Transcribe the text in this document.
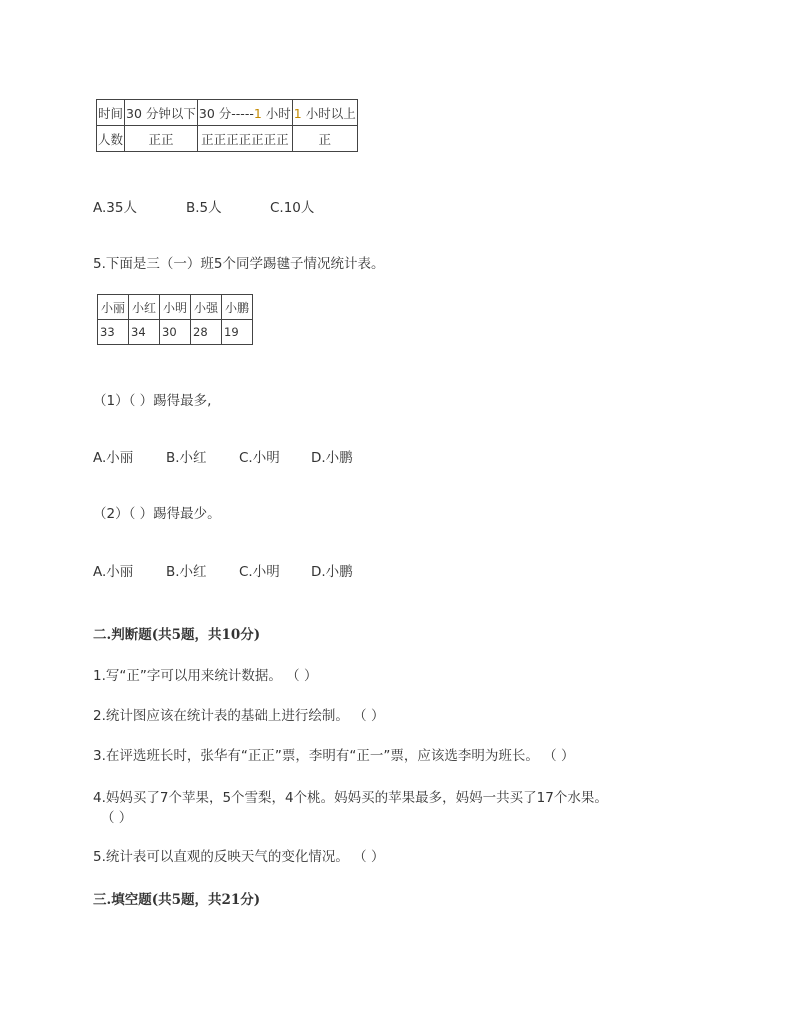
时间	30 分钟以下	30 分-----1 小时	1 小时以上
人数	正正	正正正正正正正	正
A.35人	B.5人	C.10人
5.下面是三（一）班5个同学踢毽子情况统计表。
小丽	小红	小明	小强	小鹏
33	34	30	28	19
（1）（ ）踢得最多,
A.小丽 B.小红 C.小明 D.小鹏
（2）（ ）踢得最少。
A.小丽 B.小红 C.小明 D.小鹏
二.判断题(共5题，共10分)
1.写“正”字可以用来统计数据。 （ ）
2.统计图应该在统计表的基础上进行绘制。 （ ）
3.在评选班长时，张华有“正正”票，李明有“正一”票，应该选李明为班长。 （ ）
4.妈妈买了7个苹果，5个雪梨，4个桃。妈妈买的苹果最多，妈妈一共买了17个水果。
（ ）
5.统计表可以直观的反映天气的变化情况。 （ ）
三.填空题(共5题，共21分)
